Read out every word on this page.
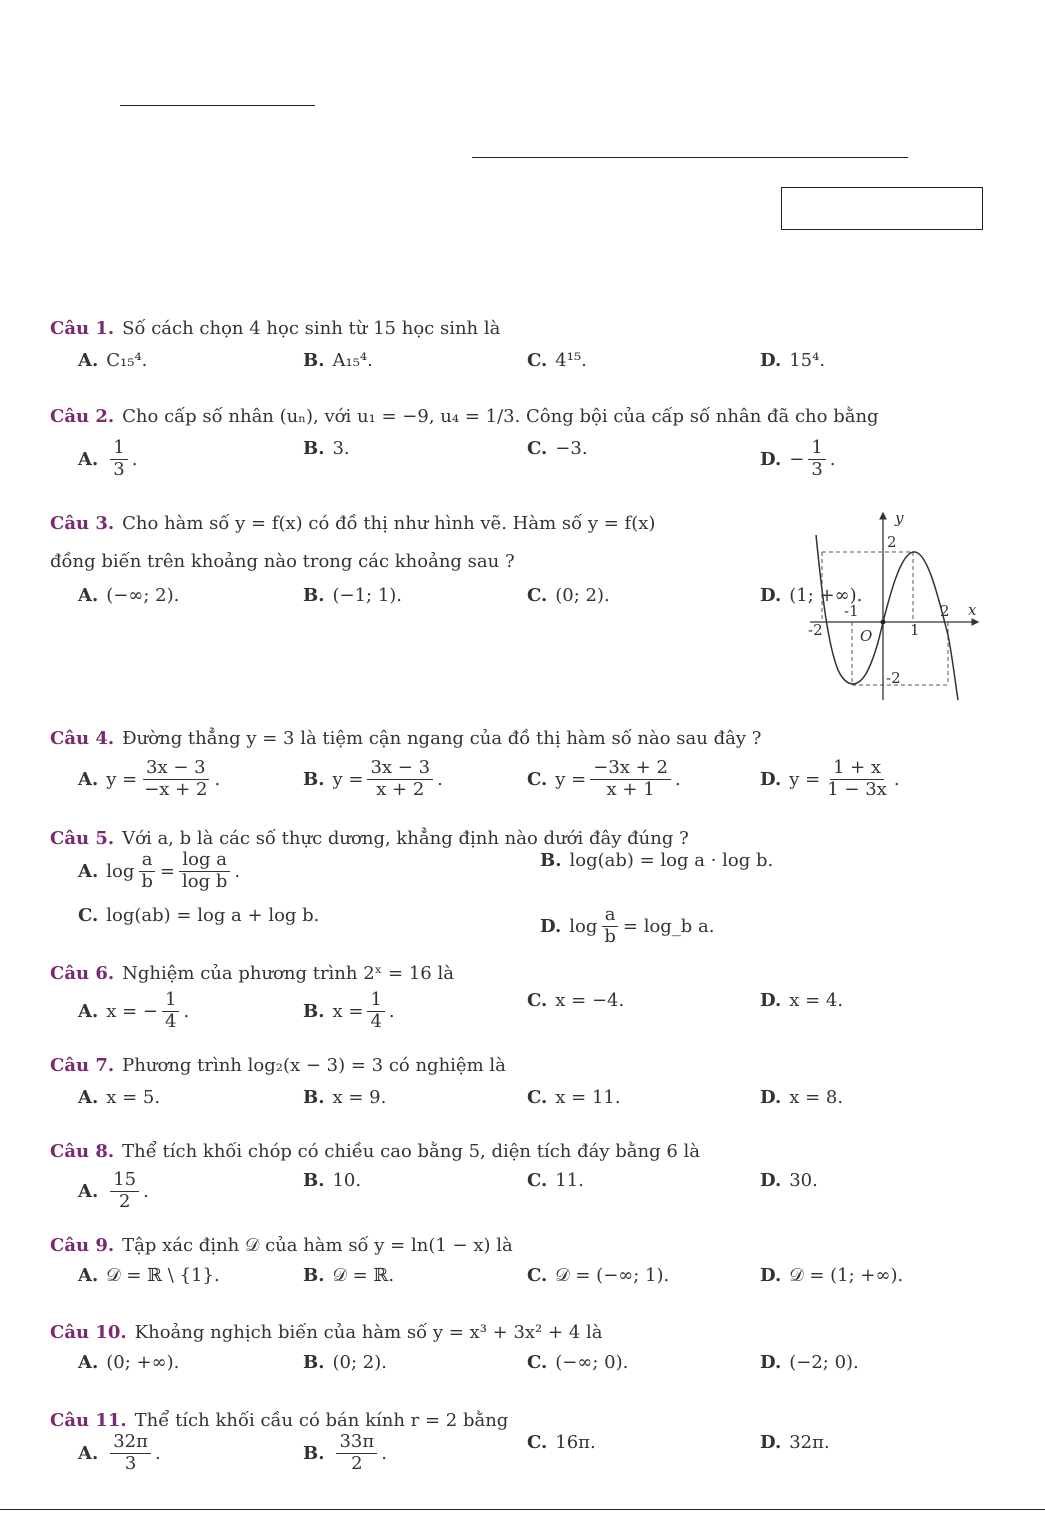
Câu 1. Số cách chọn 4 học sinh từ 15 học sinh là
A. C₁₅⁴.	B. A₁₅⁴.	C. 4¹⁵.	D. 15⁴.
Câu 2. Cho cấp số nhân (uₙ), với u₁ = −9, u₄ = 1/3. Công bội của cấp số nhân đã cho bằng
A. $\frac{1}{3}$ .
B. 3.	C. −3.
D. − $\frac{1}{3}$ .
Câu 3. Cho hàm số y = f(x) có đồ thị như hình vẽ. Hàm số y = f(x)
đồng biến trên khoảng nào trong các khoảng sau ?
A. (−∞; 2).	B. (−1; 1).	C. (0; 2).	D. (1; +∞).
Câu 4. Đường thẳng y = 3 là tiệm cận ngang của đồ thị hàm số nào sau đây ?
A. $y = \frac{3x - 3}{-x + 2}$ .	B. $y = \frac{3x - 3}{x + 2}$ .	C. $y = \frac{-3x + 2}{x + 1}$ .	D. $y = \frac{1 + x}{1 - 3x}$ .
Câu 5. Với a, b là các số thực dương, khẳng định nào dưới đây đúng ?
A. $\log \frac{a}{b} = \frac{\text{log a}}{\text{log b}}$ .
B. log(ab) = log a · log b.
C. log(ab) = log a + log b.
D. $\log \frac{a}{b}$ = log_b a.
Câu 6. Nghiệm của phương trình 2ˣ = 16 là
A. x = − $\frac{1}{4}$ .	B. $x = \frac{1}{4}$ .
C. x = −4.	D. x = 4.
Câu 7. Phương trình log₂(x − 3) = 3 có nghiệm là
A. x = 5.	B. x = 9.	C. x = 11.	D. x = 8.
Câu 8. Thể tích khối chóp có chiều cao bằng 5, diện tích đáy bằng 6 là
A. $\frac{15}{2}$ .
B. 10.	C. 11.	D. 30.
Câu 9. Tập xác định 𝒟 của hàm số y = ln(1 − x) là
A. 𝒟 = ℝ \ {1}.	B. 𝒟 = ℝ.	C. 𝒟 = (−∞; 1).	D. 𝒟 = (1; +∞).
Câu 10. Khoảng nghịch biến của hàm số y = x³ + 3x² + 4 là
A. (0; +∞).	B. (0; 2).	C. (−∞; 0).	D. (−2; 0).
Câu 11. Thể tích khối cầu có bán kính r = 2 bằng
A. $\frac{32\pi}{3}$ .	B. $\frac{33\pi}{2}$ .
C. 16π.	D. 32π.
y
x
O
2
-1	2
-2	1
-2
